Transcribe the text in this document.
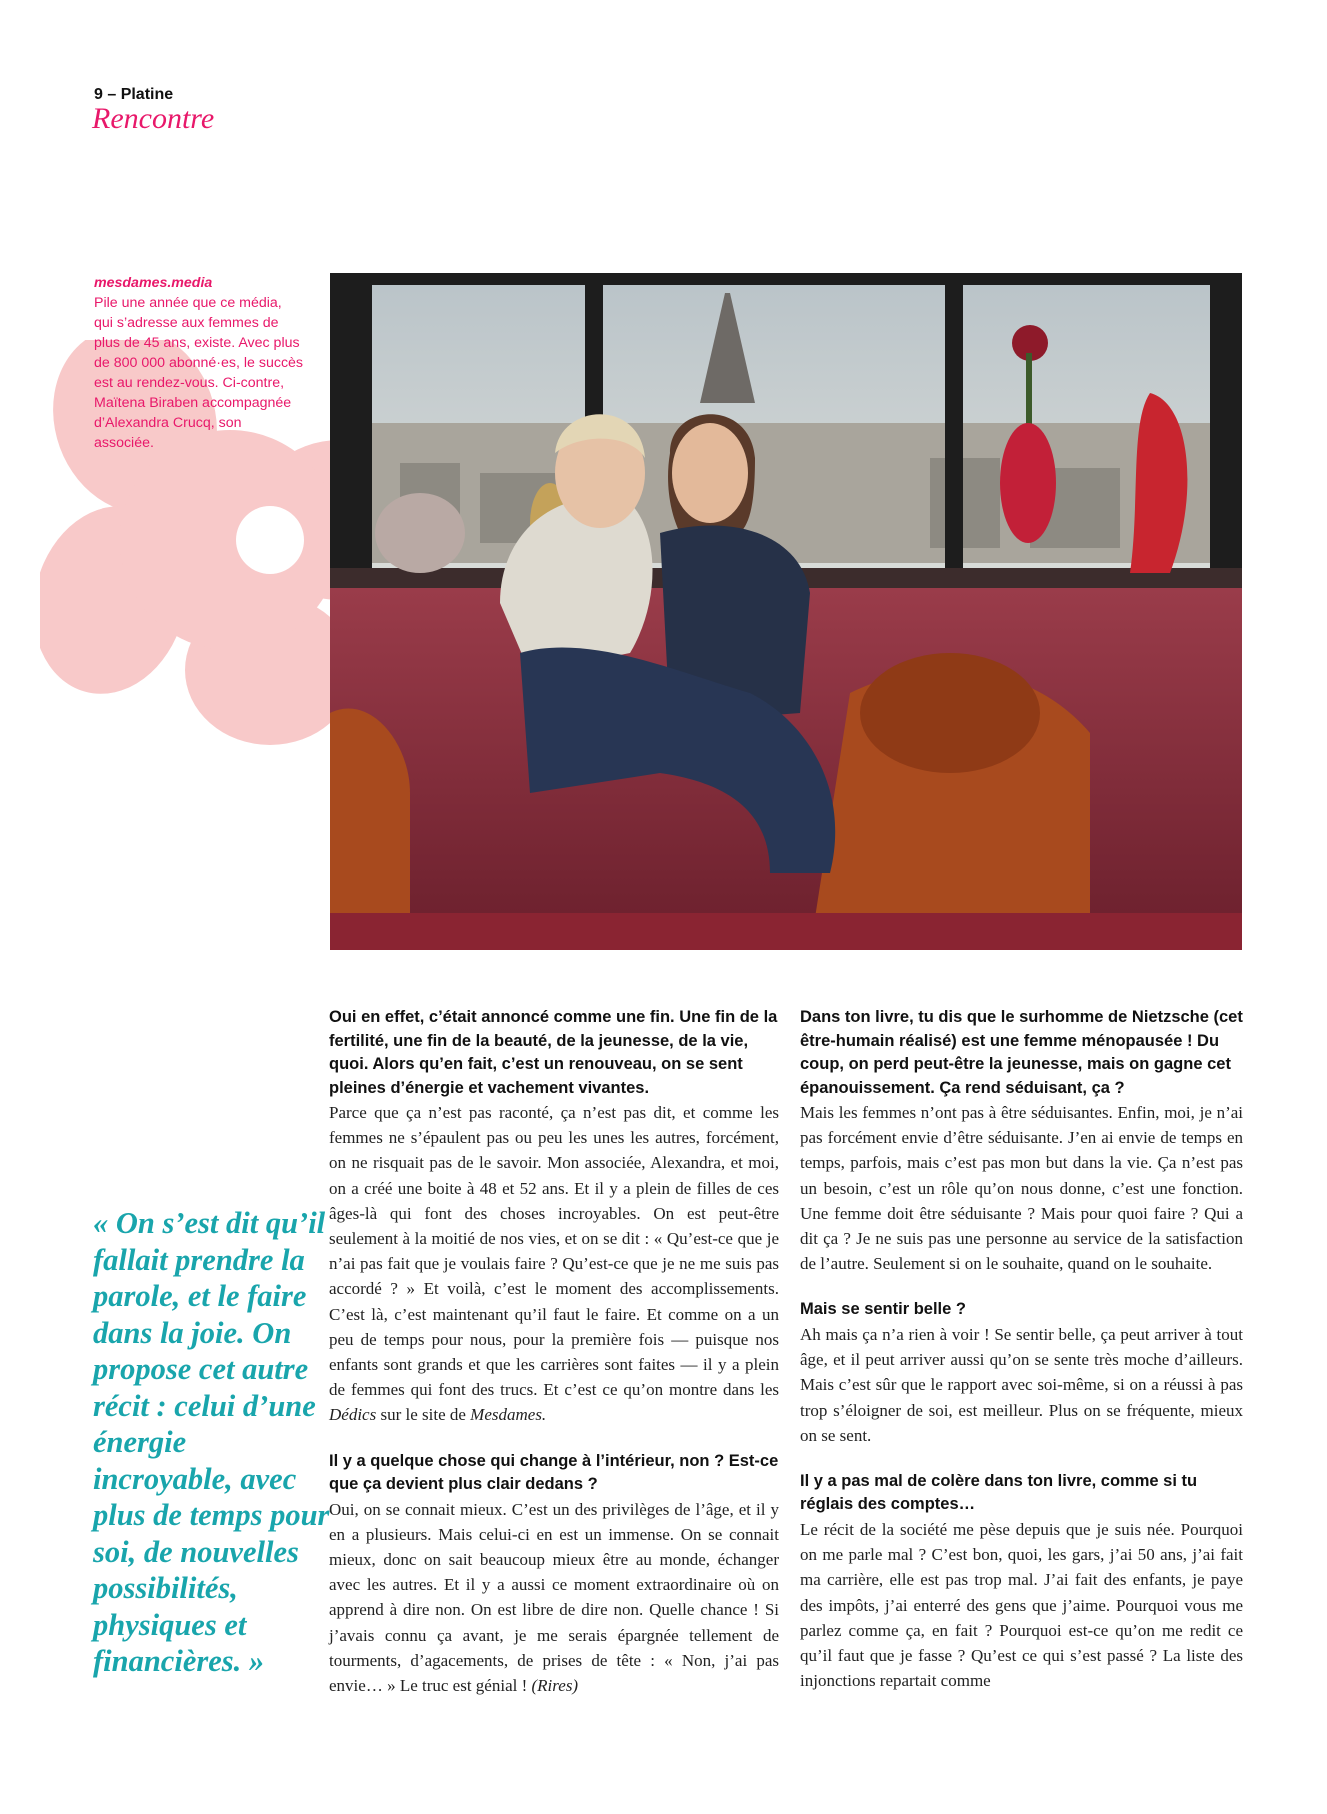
9 – Platine
Rencontre
mesdames.media
Pile une année que ce média, qui s’adresse aux femmes de plus de 45 ans, existe. Avec plus de 800 000 abonné·es, le succès est au rendez-vous. Ci-contre, Maïtena Biraben accompagnée d’Alexandra Crucq, son associée.
« On s’est dit qu’il fallait prendre la parole, et le faire dans la joie. On propose cet autre récit : celui d’une énergie incroyable, avec plus de temps pour soi, de nouvelles possibilités, physiques et financières. »

Oui en effet, c’était annoncé comme une fin. Une fin de la fertilité, une fin de la beauté, de la jeunesse, de la vie, quoi. Alors qu’en fait, c’est un renouveau, on se sent pleines d’énergie et vachement vivantes.

Parce que ça n’est pas raconté, ça n’est pas dit, et comme les femmes ne s’épaulent pas ou peu les unes les autres, forcément, on ne risquait pas de le savoir. Mon associée, Alexandra, et moi, on a créé une boite à 48 et 52 ans. Et il y a plein de filles de ces âges-là qui font des choses incroyables. On est peut-être seulement à la moitié de nos vies, et on se dit : « Qu’est-ce que je n’ai pas fait que je voulais faire ? Qu’est-ce que je ne me suis pas accordé ? » Et voilà, c’est le moment des accomplissements. C’est là, c’est maintenant qu’il faut le faire. Et comme on a un peu de temps pour nous, pour la première fois — puisque nos enfants sont grands et que les carrières sont faites — il y a plein de femmes qui font des trucs. Et c’est ce qu’on montre dans les Dédics sur le site de Mesdames.

Il y a quelque chose qui change à l’intérieur, non ? Est-ce que ça devient plus clair dedans ?

Oui, on se connait mieux. C’est un des privilèges de l’âge, et il y en a plusieurs. Mais celui-ci en est un immense. On se connait mieux, donc on sait beaucoup mieux être au monde, échanger avec les autres. Et il y a aussi ce moment extraordinaire où on apprend à dire non. On est libre de dire non. Quelle chance ! Si j’avais connu ça avant, je me serais épargnée tellement de tourments, d’agacements, de prises de tête : « Non, j’ai pas envie… » Le truc est génial ! (Rires)

Dans ton livre, tu dis que le surhomme de Nietzsche (cet être-humain réalisé) est une femme ménopausée ! Du coup, on perd peut-être la jeunesse, mais on gagne cet épanouissement. Ça rend séduisant, ça ?

Mais les femmes n’ont pas à être séduisantes. Enfin, moi, je n’ai pas forcément envie d’être séduisante. J’en ai envie de temps en temps, parfois, mais c’est pas mon but dans la vie. Ça n’est pas un besoin, c’est un rôle qu’on nous donne, c’est une fonction. Une femme doit être séduisante ? Mais pour quoi faire ? Qui a dit ça ? Je ne suis pas une personne au service de la satisfaction de l’autre. Seulement si on le souhaite, quand on le souhaite.

Mais se sentir belle ?

Ah mais ça n’a rien à voir ! Se sentir belle, ça peut arriver à tout âge, et il peut arriver aussi qu’on se sente très moche d’ailleurs. Mais c’est sûr que le rapport avec soi-même, si on a réussi à pas trop s’éloigner de soi, est meilleur. Plus on se fréquente, mieux on se sent.

Il y a pas mal de colère dans ton livre, comme si tu réglais des comptes…

Le récit de la société me pèse depuis que je suis née. Pourquoi on me parle mal ? C’est bon, quoi, les gars, j’ai 50 ans, j’ai fait ma carrière, elle est pas trop mal. J’ai fait des enfants, je paye des impôts, j’ai enterré des gens que j’aime. Pourquoi vous me parlez comme ça, en fait ? Pourquoi est-ce qu’on me redit ce qu’il faut que je fasse ? Qu’est ce qui s’est passé ? La liste des injonctions repartait comme
